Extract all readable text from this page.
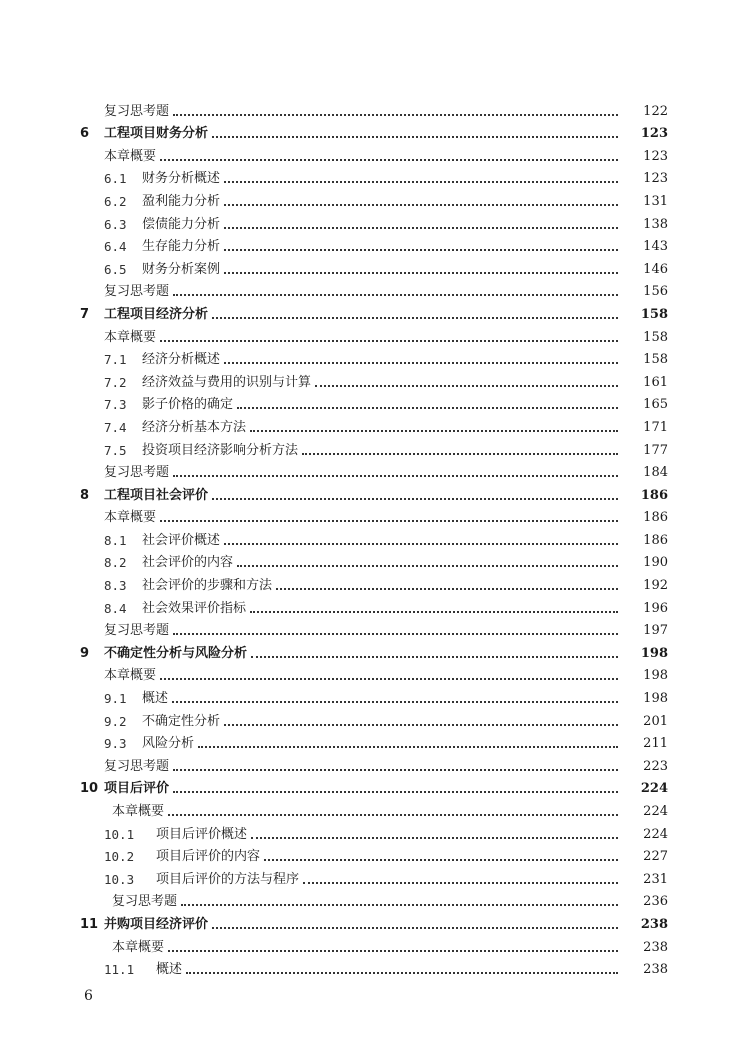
复习思考题	122
6 工程项目财务分析	123
本章概要	123
6.1 财务分析概述	123
6.2 盈利能力分析	131
6.3 偿债能力分析	138
6.4 生存能力分析	143
6.5 财务分析案例	146
复习思考题	156
7 工程项目经济分析	158
本章概要	158
7.1 经济分析概述	158
7.2 经济效益与费用的识别与计算	161
7.3 影子价格的确定	165
7.4 经济分析基本方法	171
7.5 投资项目经济影响分析方法	177
复习思考题	184
8 工程项目社会评价	186
本章概要	186
8.1 社会评价概述	186
8.2 社会评价的内容	190
8.3 社会评价的步骤和方法	192
8.4 社会效果评价指标	196
复习思考题	197
9 不确定性分析与风险分析	198
本章概要	198
9.1 概述	198
9.2 不确定性分析	201
9.3 风险分析	211
复习思考题	223
10 项目后评价	224
本章概要	224
10.1 项目后评价概述	224
10.2 项目后评价的内容	227
10.3 项目后评价的方法与程序	231
复习思考题	236
11 并购项目经济评价	238
本章概要	238
11.1 概述	238
6
